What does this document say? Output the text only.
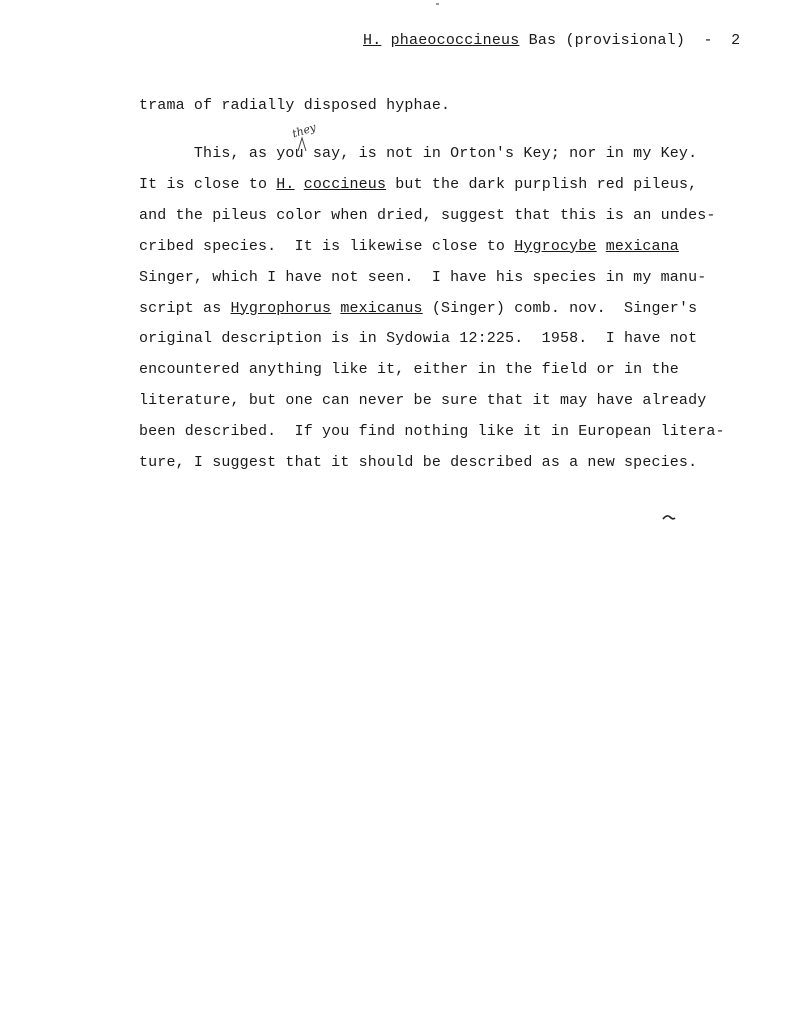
H. phaeococcineus Bas (provisional) - 2
they
trama of radially disposed hyphae.
This, as you say, is not in Orton's Key; nor in my Key.
It is close to H. coccineus but the dark purplish red pileus,
and the pileus color when dried, suggest that this is an undes-
cribed species.  It is likewise close to Hygrocybe mexicana
Singer, which I have not seen.  I have his species in my manu-
script as Hygrophorus mexicanus (Singer) comb. nov.  Singer's
original description is in Sydowia 12:225.  1958.  I have not
encountered anything like it, either in the field or in the
literature, but one can never be sure that it may have already
been described.  If you find nothing like it in European litera-
ture, I suggest that it should be described as a new species.
